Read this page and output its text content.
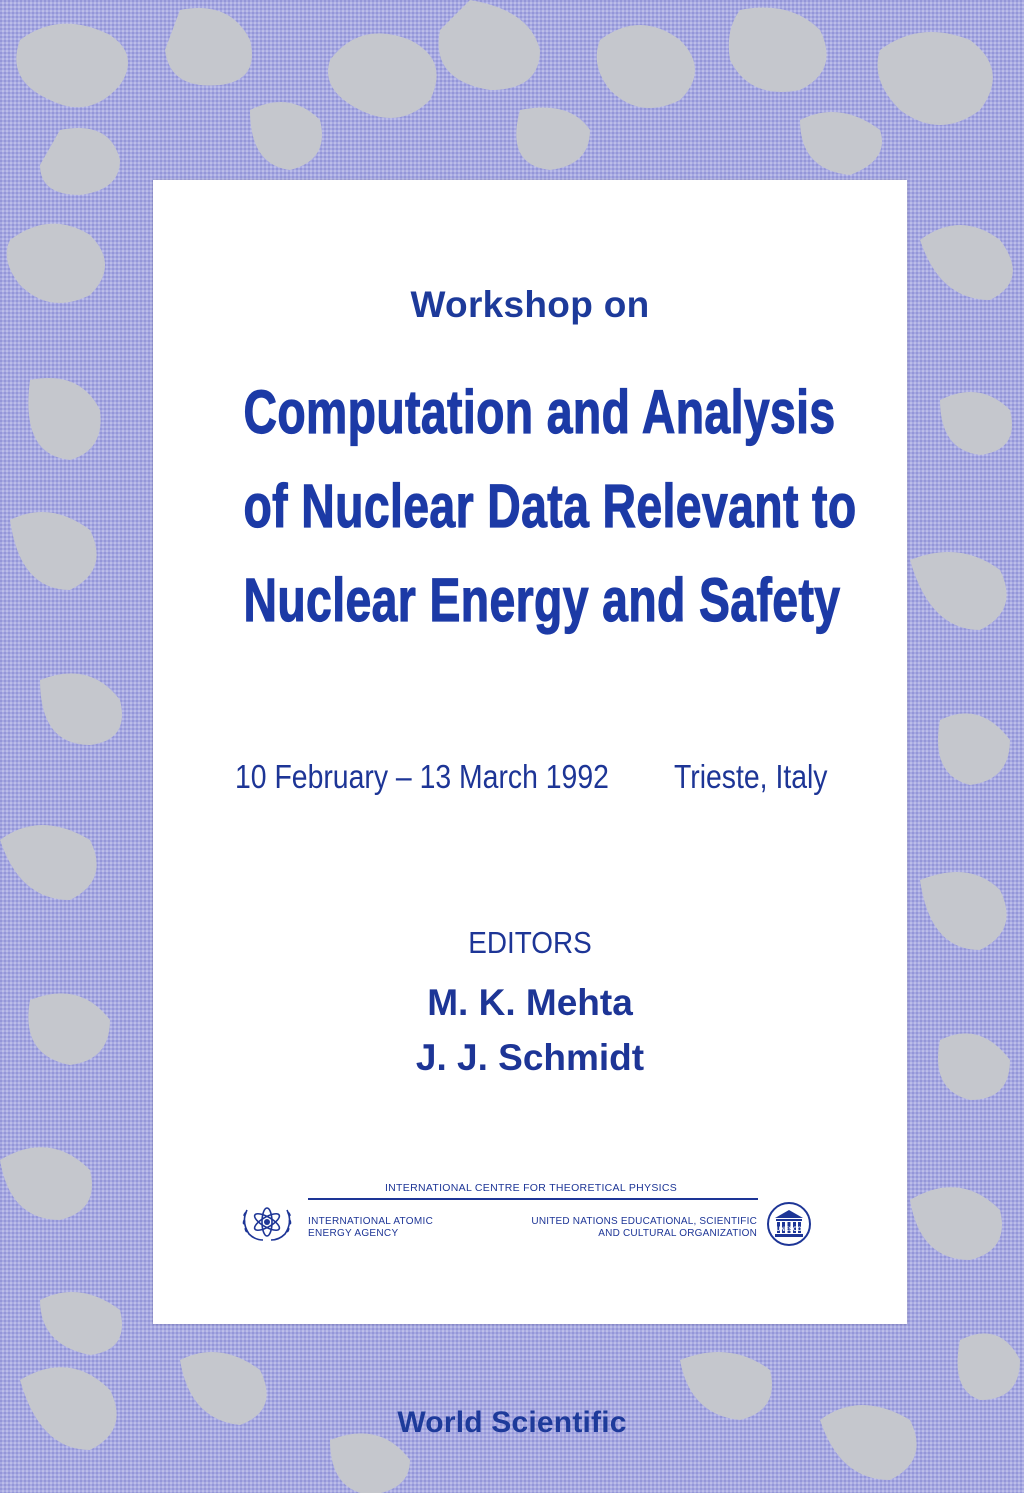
Workshop on
Computation and Analysis
of Nuclear Data Relevant to
Nuclear Energy and Safety
10 February – 13 March 1992 Trieste, Italy
EDITORS
M. K. Mehta
J. J. Schmidt
INTERNATIONAL CENTRE FOR THEORETICAL PHYSICS
INTERNATIONAL ATOMIC
ENERGY AGENCY
UNITED NATIONS EDUCATIONAL, SCIENTIFIC
AND CULTURAL ORGANIZATION	UNESCO
World Scientific
